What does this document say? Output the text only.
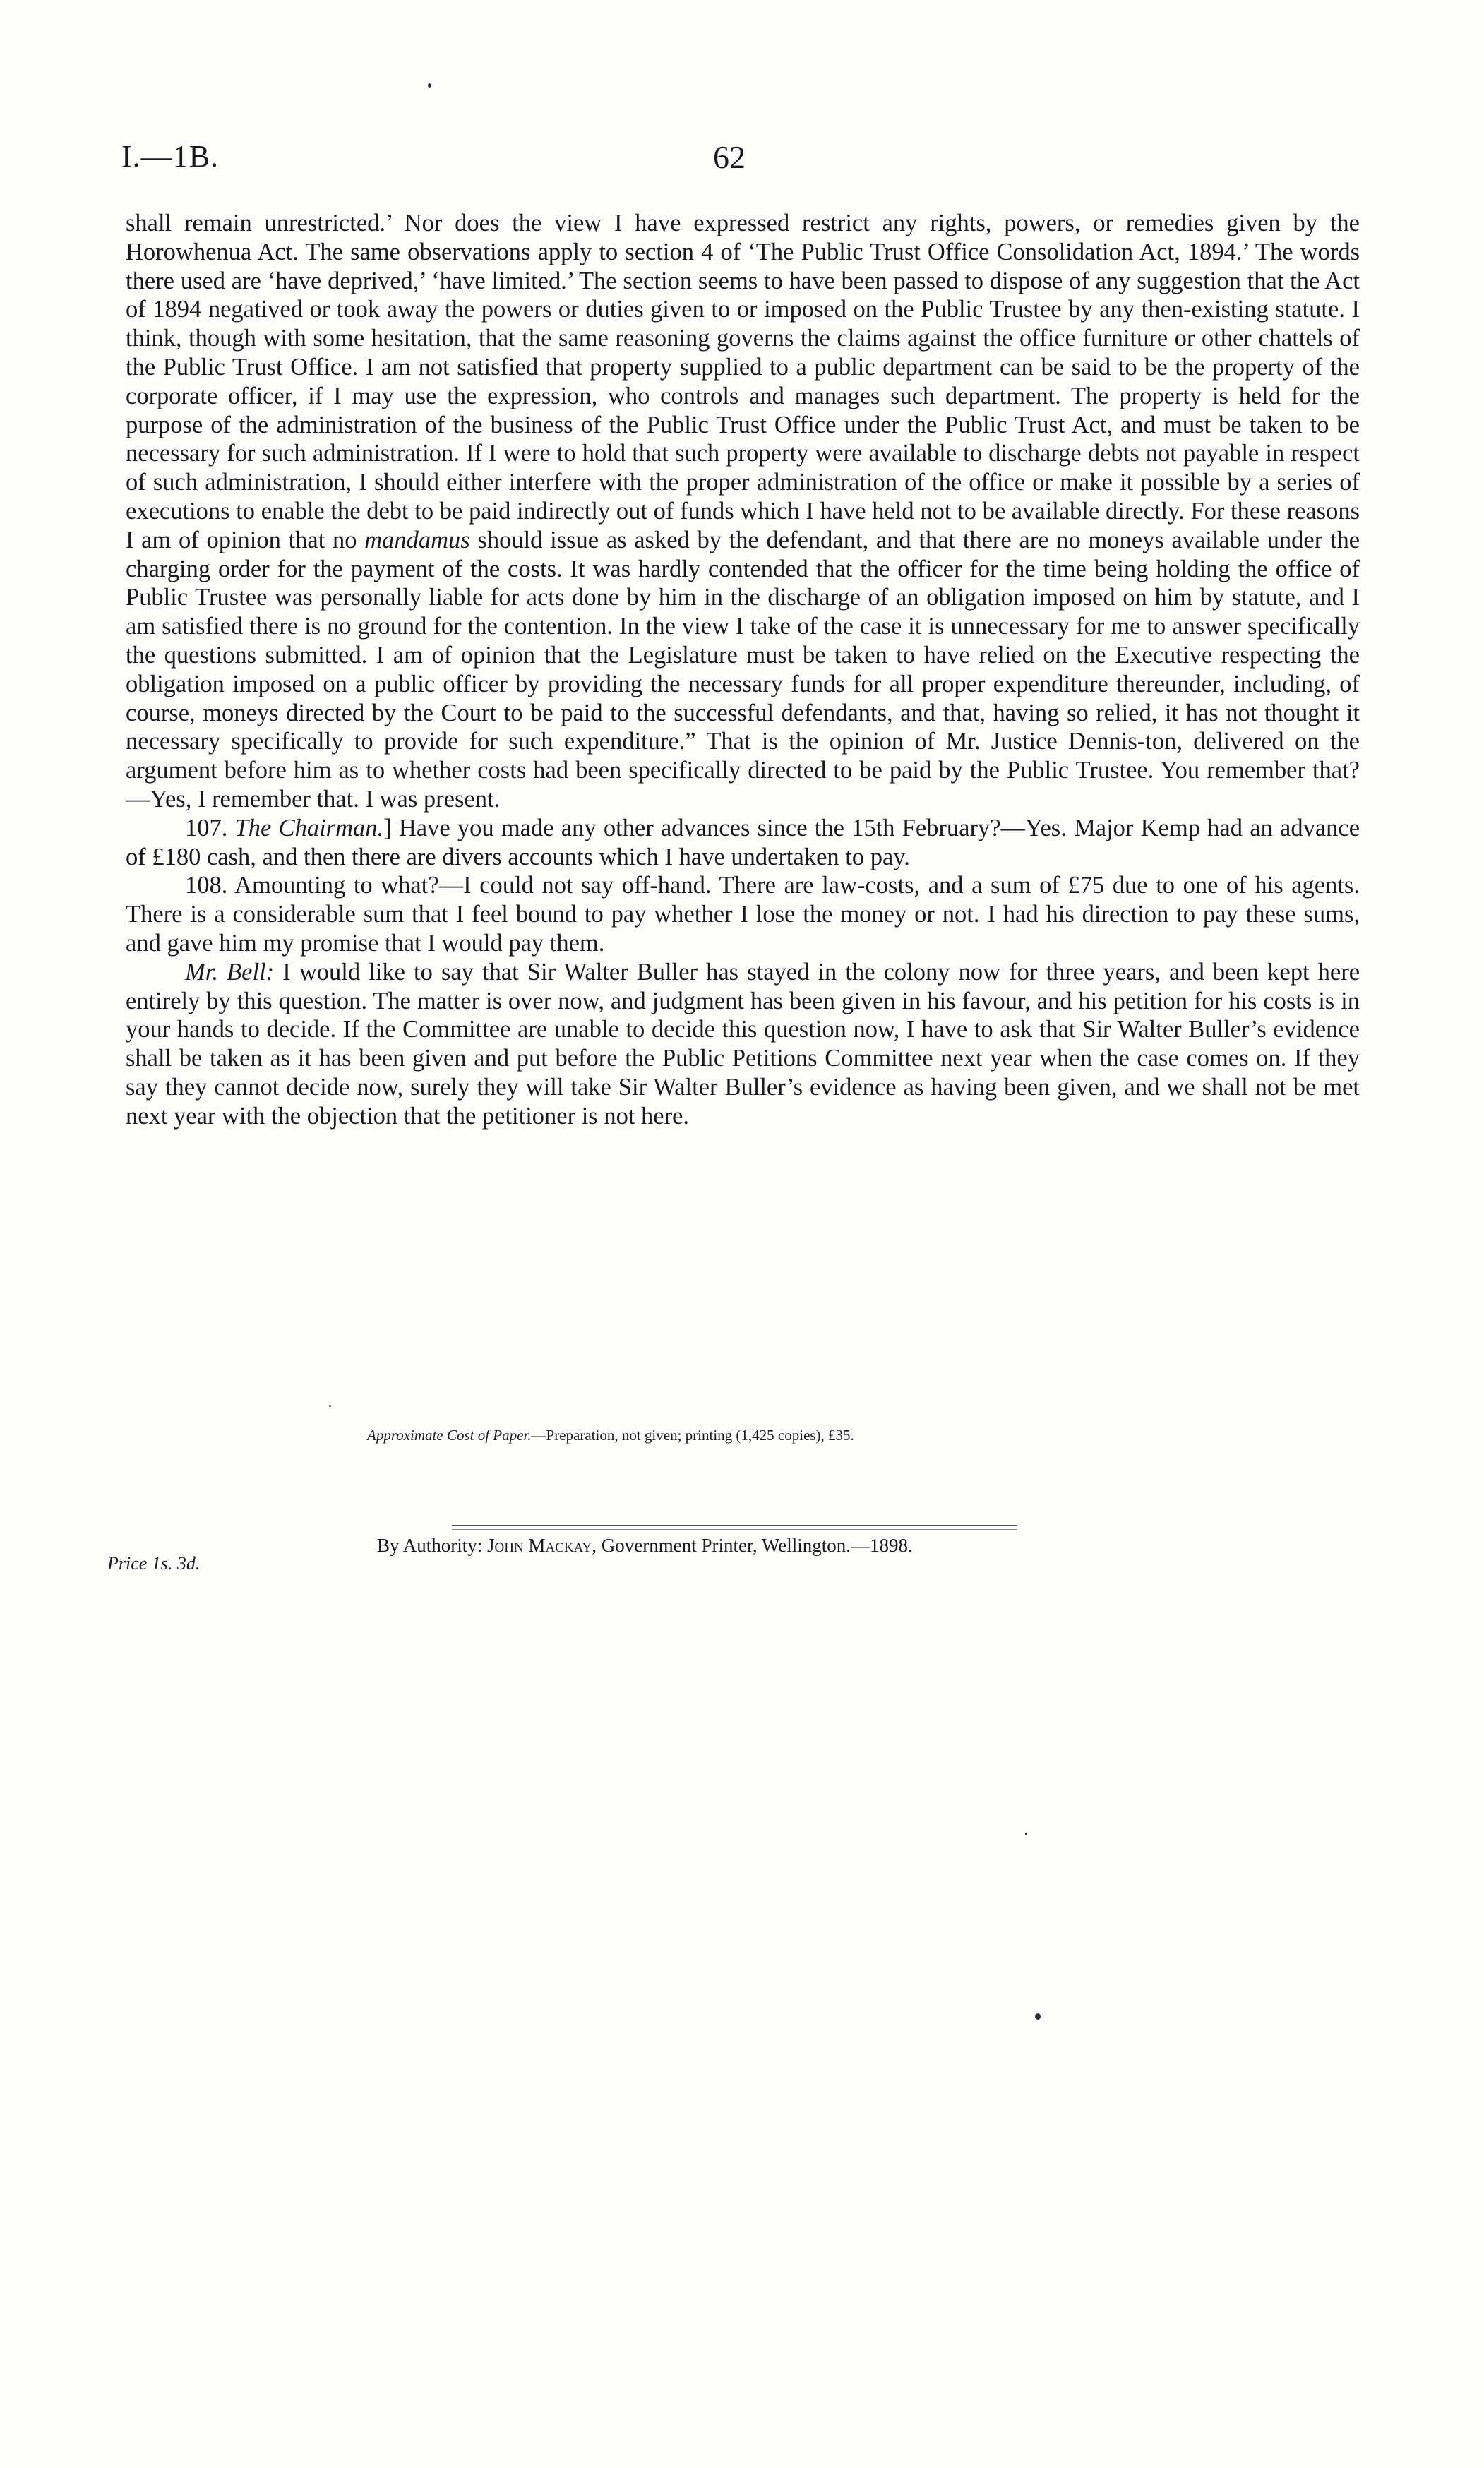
I.—1B.	62

shall remain unrestricted.’ Nor does the view I have expressed restrict any rights, powers, or remedies given by the Horowhenua Act. The same observations apply to section 4 of ‘The Public Trust Office Consolidation Act, 1894.’ The words there used are ‘have deprived,’ ‘have limited.’ The section seems to have been passed to dispose of any suggestion that the Act of 1894 negatived or took away the powers or duties given to or imposed on the Public Trustee by any then-existing statute. I think, though with some hesitation, that the same reasoning governs the claims against the office furniture or other chattels of the Public Trust Office. I am not satisfied that property supplied to a public department can be said to be the property of the corporate officer, if I may use the expression, who controls and manages such department. The property is held for the purpose of the administration of the business of the Public Trust Office under the Public Trust Act, and must be taken to be necessary for such administration. If I were to hold that such property were available to discharge debts not payable in respect of such administration, I should either interfere with the proper administration of the office or make it possible by a series of executions to enable the debt to be paid indirectly out of funds which I have held not to be available directly. For these reasons I am of opinion that no mandamus should issue as asked by the defendant, and that there are no moneys available under the charging order for the payment of the costs. It was hardly contended that the officer for the time being holding the office of Public Trustee was personally liable for acts done by him in the discharge of an obligation imposed on him by statute, and I am satisfied there is no ground for the contention. In the view I take of the case it is unnecessary for me to answer specifically the questions submitted. I am of opinion that the Legislature must be taken to have relied on the Executive respecting the obligation imposed on a public officer by providing the necessary funds for all proper expenditure thereunder, including, of course, moneys directed by the Court to be paid to the successful defendants, and that, having so relied, it has not thought it necessary specifically to provide for such expenditure.” That is the opinion of Mr. Justice Dennis-ton, delivered on the argument before him as to whether costs had been specifically directed to be paid by the Public Trustee. You remember that?—Yes, I remember that. I was present.

107. The Chairman.] Have you made any other advances since the 15th February?—Yes. Major Kemp had an advance of £180 cash, and then there are divers accounts which I have undertaken to pay.

108. Amounting to what?—I could not say off-hand. There are law-costs, and a sum of £75 due to one of his agents. There is a considerable sum that I feel bound to pay whether I lose the money or not. I had his direction to pay these sums, and gave him my promise that I would pay them.

Mr. Bell: I would like to say that Sir Walter Buller has stayed in the colony now for three years, and been kept here entirely by this question. The matter is over now, and judgment has been given in his favour, and his petition for his costs is in your hands to decide. If the Committee are unable to decide this question now, I have to ask that Sir Walter Buller’s evidence shall be taken as it has been given and put before the Public Petitions Committee next year when the case comes on. If they say they cannot decide now, surely they will take Sir Walter Buller’s evidence as having been given, and we shall not be met next year with the objection that the petitioner is not here.

Approximate Cost of Paper.—Preparation, not given; printing (1,425 copies), £35.
By Authority: John Mackay, Government Printer, Wellington.—1898.
Price 1s. 3d.
